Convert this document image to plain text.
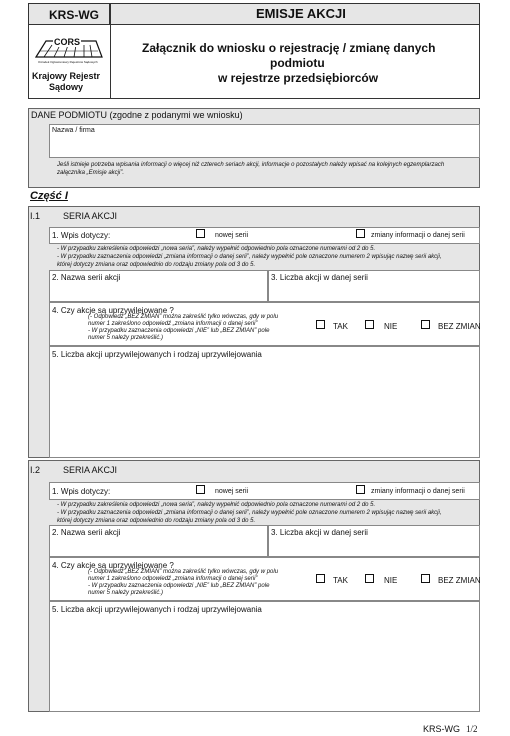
KRS-WG	EMISJE AKCJI
Załącznik do wniosku o rejestrację / zmianę danych
podmiotu
w rejestrze przedsiębiorców
CORS
Ośrodek Ogłoszeniowy Rejestrów Sądowych
Krajowy Rejestr
Sądowy
DANE PODMIOTU (zgodne z podanymi we wniosku)
Nazwa / firma
Jeśli istnieje potrzeba wpisania informacji o więcej niż czterech seriach akcji, informacje o pozostałych należy wpisać na kolejnych egzemplarzach
załącznika „Emisje akcji”.
Część I
I.1	SERIA AKCJI
1. Wpis dotyczy:	nowej serii	zmiany informacji o danej serii
- W przypadku zakreślenia odpowiedzi „nowa seria”, należy wypełnić odpowiednio pola oznaczone numerami od 2 do 5.
- W przypadku zaznaczenia odpowiedzi „zmiana informacji o danej serii”, należy wypełnić pole oznaczone numerem 2 wpisując nazwę serii akcji,
której dotyczy zmiana oraz odpowiednio do rodzaju zmiany pola od 3 do 5.
2. Nazwa serii akcji	3. Liczba akcji w danej serii
4. Czy akcje są uprzywilejowane ?
(- Odpowiedź „BEZ ZMIAN” można zakreślić tylko wówczas, gdy w polu
numer 1 zakreślono odpowiedź „zmiana informacji o danej serii”
- W przypadku zaznaczenia odpowiedzi „NIE” lub „BEZ ZMIAN” pole
numer 5 należy przekreślić.)
TAK	NIE	BEZ ZMIAN
5. Liczba akcji uprzywilejowanych i rodzaj uprzywilejowania
I.2	SERIA AKCJI
1. Wpis dotyczy:	nowej serii	zmiany informacji o danej serii
- W przypadku zakreślenia odpowiedzi „nowa seria”, należy wypełnić odpowiednio pola oznaczone numerami od 2 do 5.
- W przypadku zaznaczenia odpowiedzi „zmiana informacji o danej serii”, należy wypełnić pole oznaczone numerem 2 wpisując nazwę serii akcji,
której dotyczy zmiana oraz odpowiednio do rodzaju zmiany pola od 3 do 5.
2. Nazwa serii akcji	3. Liczba akcji w danej serii
4. Czy akcje są uprzywilejowane ?
(- Odpowiedź „BEZ ZMIAN” można zakreślić tylko wówczas, gdy w polu
numer 1 zakreślono odpowiedź „zmiana informacji o danej serii”
- W przypadku zaznaczenia odpowiedzi „NIE” lub „BEZ ZMIAN” pole
numer 5 należy przekreślić.)
TAK	NIE	BEZ ZMIAN
5. Liczba akcji uprzywilejowanych i rodzaj uprzywilejowania
KRS-WG 1/2
